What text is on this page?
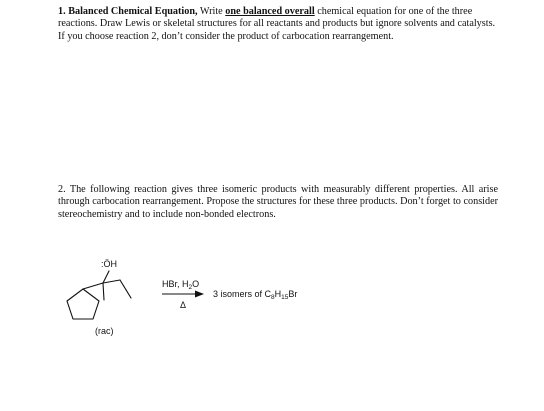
1. Balanced Chemical Equation, Write one balanced overall chemical equation for one of the three reactions. Draw Lewis or skeletal structures for all reactants and products but ignore solvents and catalysts. If you choose reaction 2, don’t consider the product of carbocation rearrangement.
2. The following reaction gives three isomeric products with measurably different properties. All arise through carbocation rearrangement. Propose the structures for these three products. Don’t forget to consider stereochemistry and to include non-bonded electrons.
:ÖH
(rac)
HBr, $H_2O$
Δ
3 isomers of $C_8H_{15}Br$
